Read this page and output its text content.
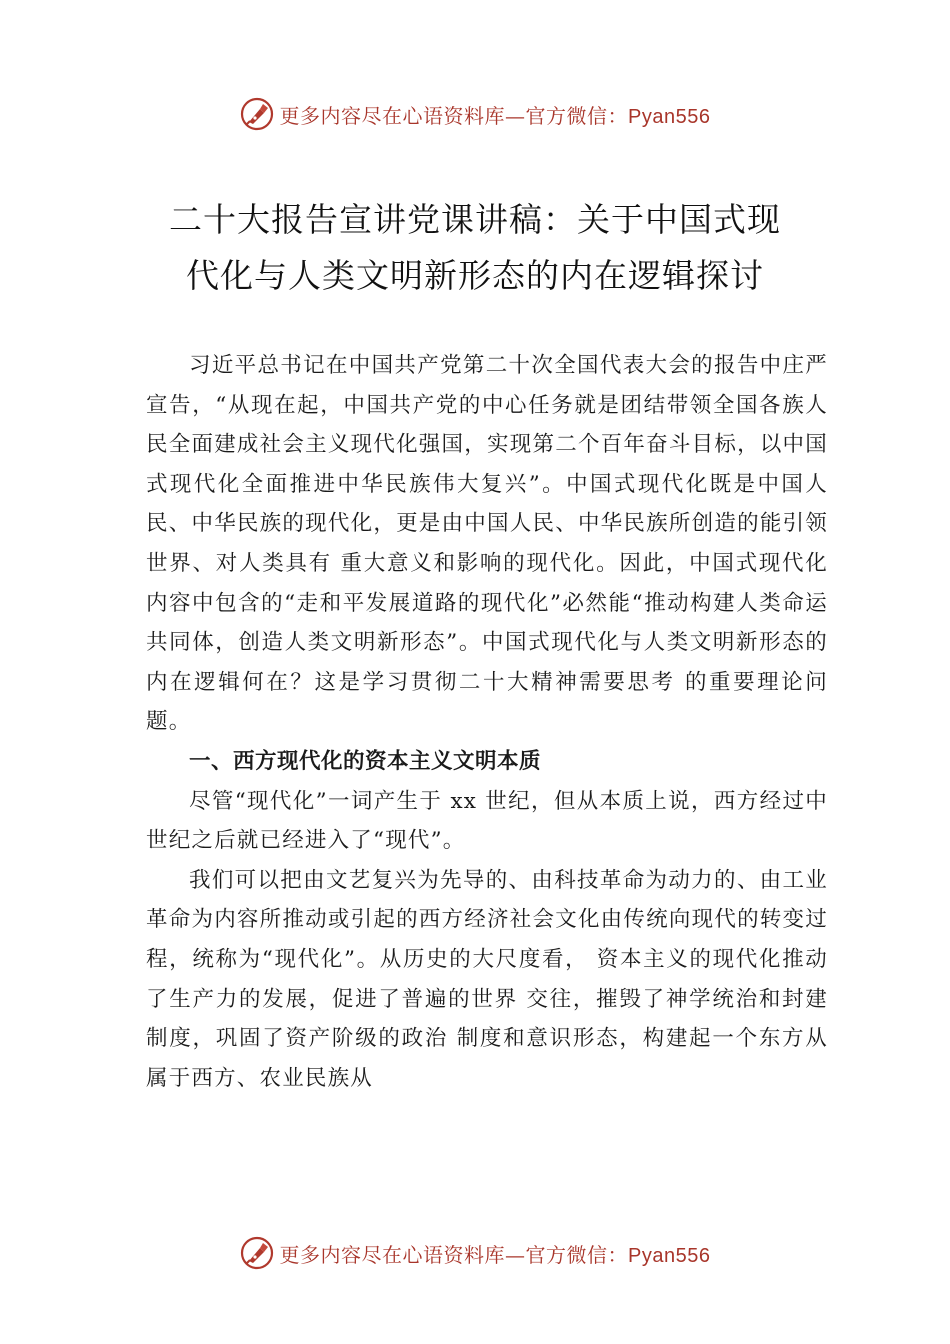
更多内容尽在心语资料库—官方微信：Pyan556
二十大报告宣讲党课讲稿：关于中国式现
代化与人类文明新形态的内在逻辑探讨

习近平总书记在中国共产党第二十次全国代表大会的报告中庄严宣告，“从现在起，中国共产党的中心任务就是团结带领全国各族人民全面建成社会主义现代化强国，实现第二个百年奋斗目标，以中国式现代化全面推进中华民族伟大复兴”。中国式现代化既是中国人民、中华民族的现代化，更是由中国人民、中华民族所创造的能引领世界、对人类具有 重大意义和影响的现代化。因此，中国式现代化内容中包含的“走和平发展道路的现代化”必然能“推动构建人类命运共同体，创造人类文明新形态”。中国式现代化与人类文明新形态的内在逻辑何在？这是学习贯彻二十大精神需要思考 的重要理论问题。

一、西方现代化的资本主义文明本质

尽管“现代化”一词产生于 xx 世纪，但从本质上说，西方经过中世纪之后就已经进入了“现代”。

我们可以把由文艺复兴为先导的、由科技革命为动力的、由工业革命为内容所推动或引起的西方经济社会文化由传统向现代的转变过程，统称为“现代化”。从历史的大尺度看， 资本主义的现代化推动了生产力的发展，促进了普遍的世界 交往，摧毁了神学统治和封建制度，巩固了资产阶级的政治 制度和意识形态，构建起一个东方从属于西方、农业民族从

更多内容尽在心语资料库—官方微信：Pyan556
